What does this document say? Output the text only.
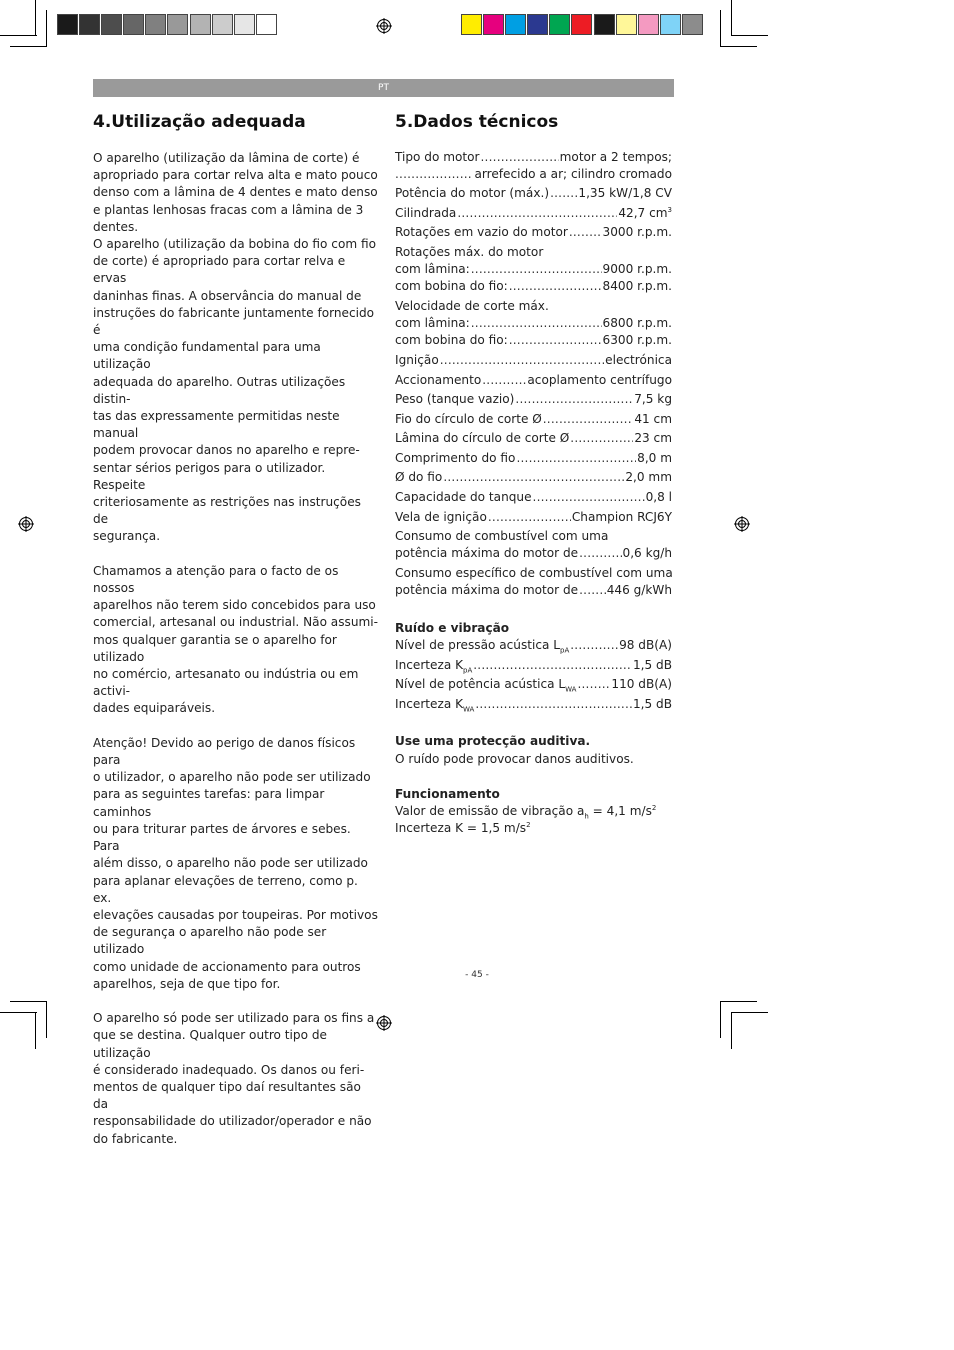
PT
4.Utilização adequada

O aparelho (utilização da lâmina de corte) é

apropriado para cortar relva alta e mato pouco

denso com a lâmina de 4 dentes e mato denso

e plantas lenhosas fracas com a lâmina de 3

dentes.

O aparelho (utilização da bobina do fio com fio

de corte) é apropriado para cortar relva e ervas

daninhas finas. A observância do manual de

instruções do fabricante juntamente fornecido é

uma condição fundamental para uma utilização

adequada do aparelho. Outras utilizações distin-

tas das expressamente permitidas neste manual

podem provocar danos no aparelho e repre-

sentar sérios perigos para o utilizador. Respeite

criteriosamente as restrições nas instruções de

segurança.

Chamamos a atenção para o facto de os nossos

aparelhos não terem sido concebidos para uso

comercial, artesanal ou industrial. Não assumi-

mos qualquer garantia se o aparelho for utilizado

no comércio, artesanato ou indústria ou em activi-

dades equiparáveis.

Atenção! Devido ao perigo de danos físicos para

o utilizador, o aparelho não pode ser utilizado

para as seguintes tarefas: para limpar caminhos

ou para triturar partes de árvores e sebes. Para

além disso, o aparelho não pode ser utilizado

para aplanar elevações de terreno, como p. ex.

elevações causadas por toupeiras. Por motivos

de segurança o aparelho não pode ser utilizado

como unidade de accionamento para outros

aparelhos, seja de que tipo for.

O aparelho só pode ser utilizado para os fins a

que se destina. Qualquer outro tipo de utilização

é considerado inadequado. Os danos ou feri-

mentos de qualquer tipo daí resultantes são da

responsabilidade do utilizador/operador e não

do fabricante.

5.Dados técnicos
Tipo do motor .....	motor a 2 tempos;
.....
arrefecido a ar; cilindro cromado
Potência do motor (máx.) ..... 1,35 kW/1,8 CV
Cilindrada .....	42,7 $cm^3$
Rotações em vazio do motor .....	3000 r.p.m.
Rotações máx. do motor
com lâmina: .....	9000 r.p.m.
com bobina do fio: .....	8400 r.p.m.
Velocidade de corte máx.
com lâmina: .....	6800 r.p.m.
com bobina do fio: .....	6300 r.p.m.
Ignição .....	electrónica
Accionamento .....	acoplamento centrífugo
Peso (tanque vazio) .....	7,5 kg
Fio do círculo de corte Ø .....	41 cm
Lâmina do círculo de corte Ø .....	23 cm
Comprimento do fio .....	8,0 m
Ø do fio .....	2,0 mm
Capacidade do tanque .....	0,8 l
Vela de ignição .....	Champion RCJ6Y
Consumo de combustível com uma
potência máxima do motor de .....	0,6 kg/h
Consumo específico de combustível com uma
potência máxima do motor de ..... 446 g/kWh
Ruído e vibração
Nível de pressão acústica $L_{pA}$ .....	98 dB(A)
Incerteza $K_{pA}$ .....	1,5 dB
Nível de potência acústica $L_{WA}$ .....	110 dB(A)
Incerteza $K_{WA}$ .....	1,5 dB
Use uma protecção auditiva.
O ruído pode provocar danos auditivos.
Funcionamento
Valor de emissão de vibração $a_h = 4,1$ $m/s^2$
Incerteza K = 1,5 $m/s^2$
- 45 -
